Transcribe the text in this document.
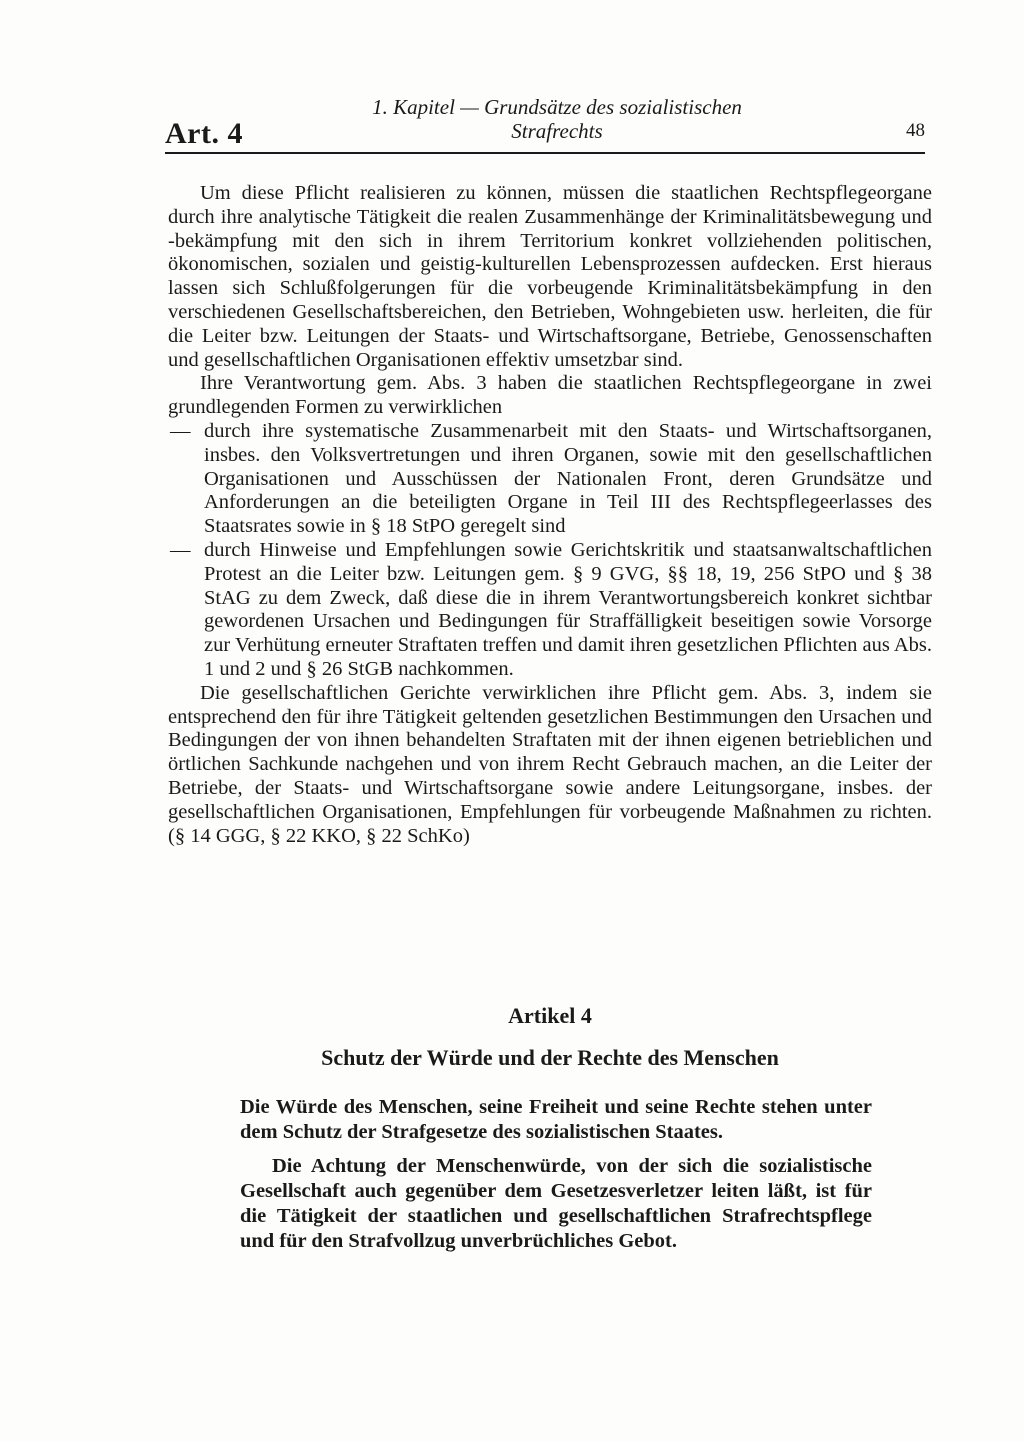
Art. 4
1. Kapitel — Grundsätze des sozialistischen
Strafrechts	48

Um diese Pflicht realisieren zu können, müssen die staatlichen Rechtspflegeorgane durch ihre analytische Tätigkeit die realen Zusammenhänge der Kriminalitätsbewegung und -bekämpfung mit den sich in ihrem Territorium konkret vollziehenden politischen, ökonomischen, sozialen und geistig-kulturellen Lebensprozessen aufdecken. Erst hieraus lassen sich Schlußfolgerungen für die vorbeugende Kriminalitätsbekämpfung in den verschiedenen Gesellschaftsbereichen, den Betrieben, Wohngebieten usw. herleiten, die für die Leiter bzw. Leitungen der Staats- und Wirtschaftsorgane, Betriebe, Genossenschaften und gesellschaftlichen Organisationen effektiv umsetzbar sind.

Ihre Verantwortung gem. Abs. 3 haben die staatlichen Rechtspflegeorgane in zwei grundlegenden Formen zu verwirklichen

— durch ihre systematische Zusammenarbeit mit den Staats- und Wirtschaftsorganen, insbes. den Volksvertretungen und ihren Organen, sowie mit den gesellschaftlichen Organisationen und Ausschüssen der Nationalen Front, deren Grundsätze und Anforderungen an die beteiligten Organe in Teil III des Rechtspflegeerlasses des Staatsrates sowie in § 18 StPO geregelt sind

— durch Hinweise und Empfehlungen sowie Gerichtskritik und staatsanwaltschaftlichen Protest an die Leiter bzw. Leitungen gem. § 9 GVG, §§ 18, 19, 256 StPO und § 38 StAG zu dem Zweck, daß diese die in ihrem Verantwortungsbereich konkret sichtbar gewordenen Ursachen und Bedingungen für Straffälligkeit beseitigen sowie Vorsorge zur Verhütung erneuter Straftaten treffen und damit ihren gesetzlichen Pflichten aus Abs. 1 und 2 und § 26 StGB nachkommen.

Die gesellschaftlichen Gerichte verwirklichen ihre Pflicht gem. Abs. 3, indem sie entsprechend den für ihre Tätigkeit geltenden gesetzlichen Bestimmungen den Ursachen und Bedingungen der von ihnen behandelten Straftaten mit der ihnen eigenen betrieblichen und örtlichen Sachkunde nachgehen und von ihrem Recht Gebrauch machen, an die Leiter der Betriebe, der Staats- und Wirtschaftsorgane sowie andere Leitungsorgane, insbes. der gesellschaftlichen Organisationen, Empfehlungen für vorbeugende Maßnahmen zu richten. (§ 14 GGG, § 22 KKO, § 22 SchKo)

Artikel 4
Schutz der Würde und der Rechte des Menschen

Die Würde des Menschen, seine Freiheit und seine Rechte stehen unter dem Schutz der Strafgesetze des sozialistischen Staates.

Die Achtung der Menschenwürde, von der sich die sozialistische Gesellschaft auch gegenüber dem Gesetzesverletzer leiten läßt, ist für die Tätigkeit der staatlichen und gesellschaftlichen Strafrechtspflege und für den Strafvollzug unverbrüchliches Gebot.
